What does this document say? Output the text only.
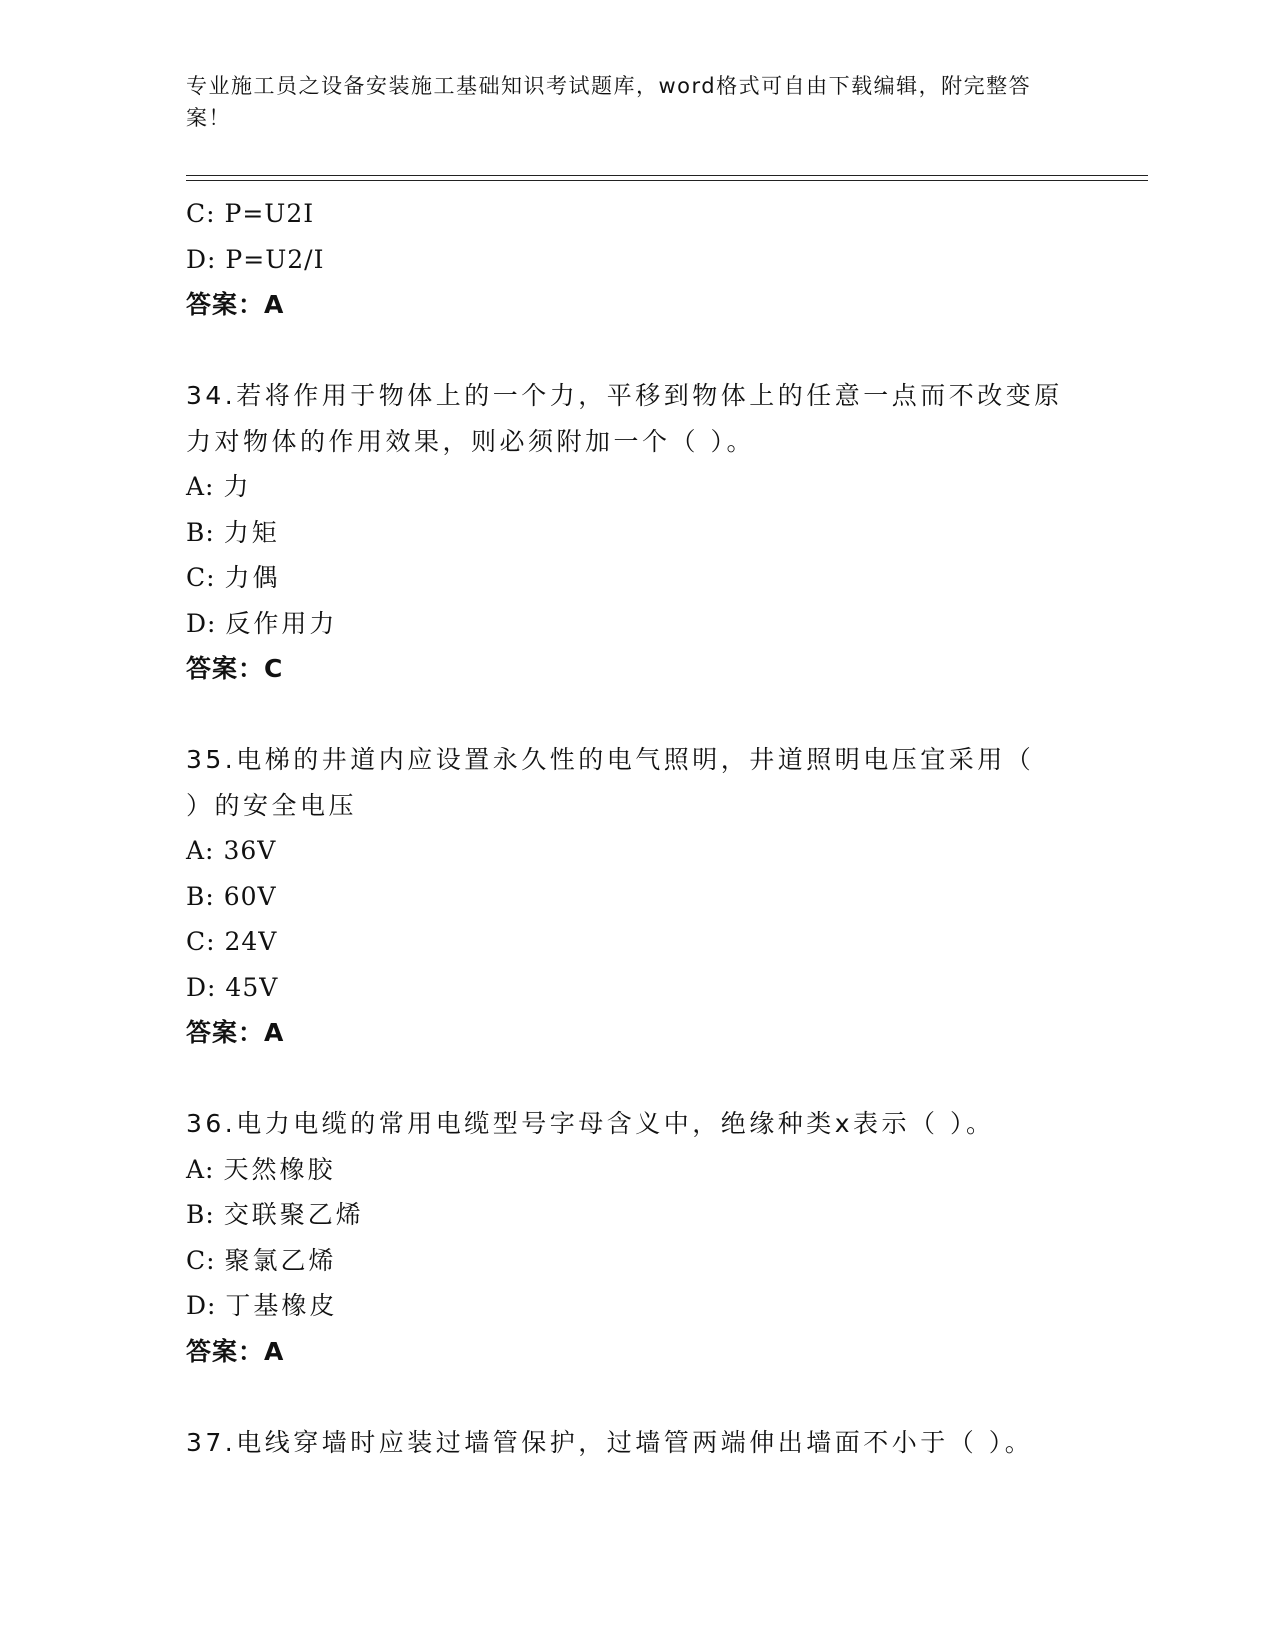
专业施工员之设备安装施工基础知识考试题库，word格式可自由下载编辑，附完整答案！
C: P=U2I
D: P=U2/I
答案：A
34.若将作用于物体上的一个力，平移到物体上的任意一点而不改变原
力对物体的作用效果，则必须附加一个（ ）。
A: 力
B: 力矩
C: 力偶
D: 反作用力
答案：C
35.电梯的井道内应设置永久性的电气照明，井道照明电压宜采用（
）的安全电压
A: 36V
B: 60V
C: 24V
D: 45V
答案：A
36.电力电缆的常用电缆型号字母含义中，绝缘种类x表示（ ）。
A: 天然橡胶
B: 交联聚乙烯
C: 聚氯乙烯
D: 丁基橡皮
答案：A
37.电线穿墙时应装过墙管保护，过墙管两端伸出墙面不小于（ ）。
